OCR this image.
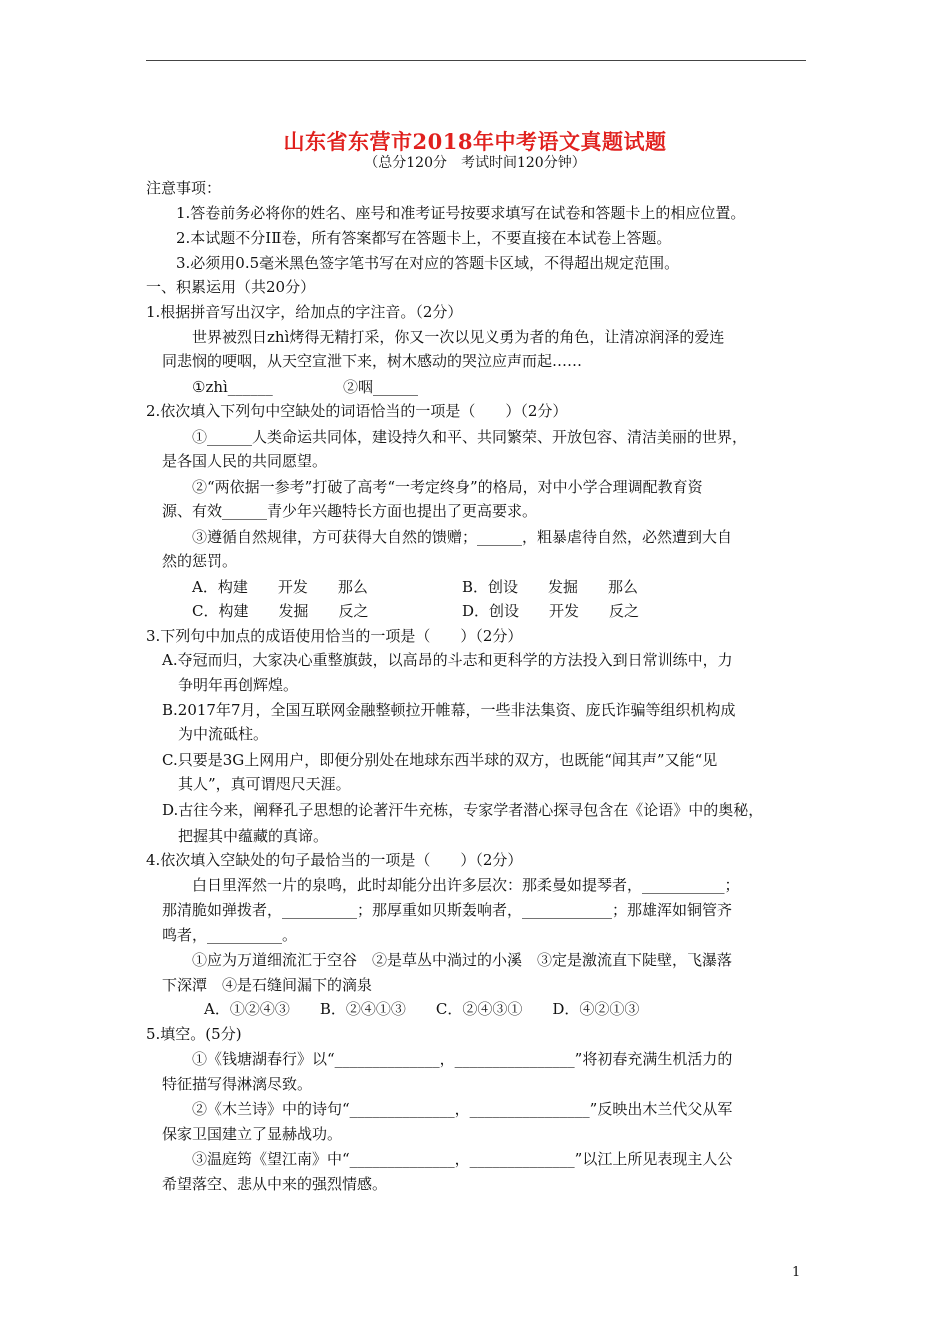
山东省东营市2018年中考语文真题试题
（总分120分　考试时间120分钟）
注意事项：
1.答卷前务必将你的姓名、座号和准考证号按要求填写在试卷和答题卡上的相应位置。
2.本试题不分ⅠⅡ卷，所有答案都写在答题卡上，不要直接在本试卷上答题。
3.必须用0.5毫米黑色签字笔书写在对应的答题卡区域，不得超出规定范围。
一、积累运用（共20分）
1.根据拼音写出汉字，给加点的字注音。（2分）
世界被烈日zhì烤得无精打采，你又一次以见义勇为者的角色，让清凉润泽的爱连
同悲悯的哽咽，从天空宣泄下来，树木感动的哭泣应声而起……
①zhì______	②咽______
2.依次填入下列句中空缺处的词语恰当的一项是（　　）（2分）
①______人类命运共同体，建设持久和平、共同繁荣、开放包容、清洁美丽的世界，
是各国人民的共同愿望。
②“两依据一参考”打破了高考“一考定终身”的格局，对中小学合理调配教育资
源、有效______青少年兴趣特长方面也提出了更高要求。
③遵循自然规律，方可获得大自然的馈赠；______，粗暴虐待自然，必然遭到大自
然的惩罚。
A．构建　　开发　　那么	B．创设　　发掘　　那么
C．构建　　发掘　　反之	D．创设　　开发　　反之
3.下列句中加点的成语使用恰当的一项是（　　）（2分）
A.夺冠而归，大家决心重整旗鼓，以高昂的斗志和更科学的方法投入到日常训练中，力
争明年再创辉煌。
B.2017年7月，全国互联网金融整顿拉开帷幕，一些非法集资、庞氏诈骗等组织机构成
为中流砥柱。
C.只要是3G上网用户，即便分别处在地球东西半球的双方，也既能“闻其声”又能“见
其人”，真可谓咫尺天涯。
D.古往今来，阐释孔子思想的论著汗牛充栋，专家学者潜心探寻包含在《论语》中的奥秘，
把握其中蕴藏的真谛。
4.依次填入空缺处的句子最恰当的一项是（　　）（2分）
白日里浑然一片的泉鸣，此时却能分出许多层次：那柔曼如提琴者，___________；
那清脆如弹拨者，__________；那厚重如贝斯轰响者，____________；那雄浑如铜管齐
鸣者，__________。
①应为万道细流汇于空谷　②是草丛中淌过的小溪　③定是激流直下陡壁，飞瀑落
下深潭　④是石缝间漏下的滴泉
A．①②④③　　B．②④①③　　C．②④③①　　D．④②①③
5.填空。(5分)
①《钱塘湖春行》以“______________，________________”将初春充满生机活力的
特征描写得淋漓尽致。
②《木兰诗》中的诗句“______________，________________”反映出木兰代父从军
保家卫国建立了显赫战功。
③温庭筠《望江南》中“______________，______________”以江上所见表现主人公
希望落空、悲从中来的强烈情感。
1
